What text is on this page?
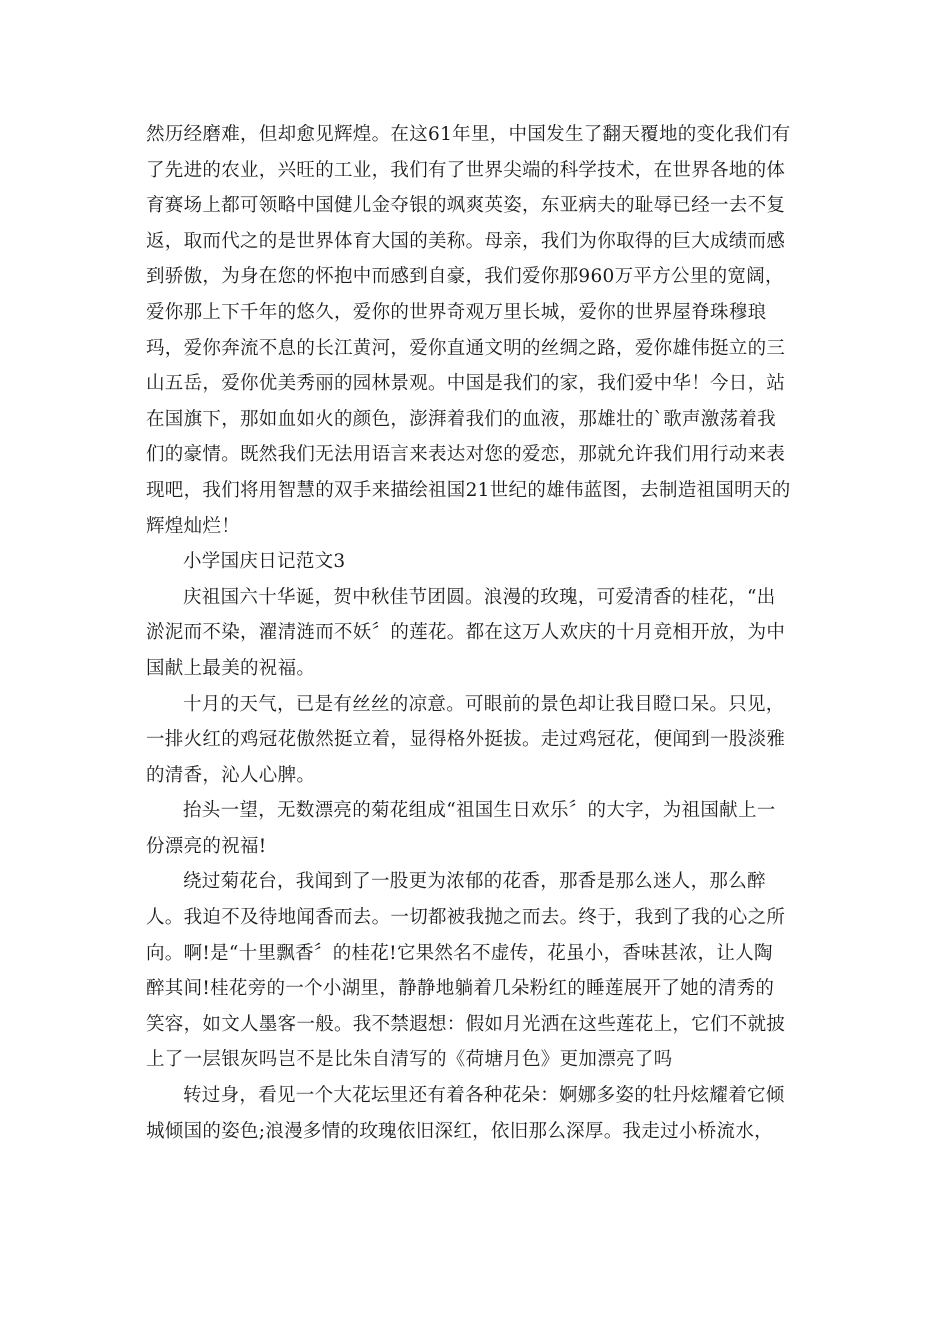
然历经磨难，但却愈见辉煌。在这61年里，中国发生了翻天覆地的变化我们有
了先进的农业，兴旺的工业，我们有了世界尖端的科学技术，在世界各地的体
育赛场上都可领略中国健儿金夺银的飒爽英姿，东亚病夫的耻辱已经一去不复
返，取而代之的是世界体育大国的美称。母亲，我们为你取得的巨大成绩而感
到骄傲，为身在您的怀抱中而感到自豪，我们爱你那960万平方公里的宽阔，
爱你那上下千年的悠久，爱你的世界奇观万里长城，爱你的世界屋脊珠穆琅
玛，爱你奔流不息的长江黄河，爱你直通文明的丝绸之路，爱你雄伟挺立的三
山五岳，爱你优美秀丽的园林景观。中国是我们的家，我们爱中华！今日，站
在国旗下，那如血如火的颜色，澎湃着我们的血液，那雄壮的`歌声激荡着我
们的豪情。既然我们无法用语言来表达对您的爱恋，那就允许我们用行动来表
现吧，我们将用智慧的双手来描绘祖国21世纪的雄伟蓝图，去制造祖国明天的
辉煌灿烂！

小学国庆日记范文3

庆祖国六十华诞，贺中秋佳节团圆。浪漫的玫瑰，可爱清香的桂花，“出
淤泥而不染，濯清涟而不妖〞的莲花。都在这万人欢庆的十月竞相开放，为中
国献上最美的祝福。

十月的天气，已是有丝丝的凉意。可眼前的景色却让我目瞪口呆。只见，
一排火红的鸡冠花傲然挺立着，显得格外挺拔。走过鸡冠花，便闻到一股淡雅
的清香，沁人心脾。

抬头一望，无数漂亮的菊花组成“祖国生日欢乐〞的大字，为祖国献上一
份漂亮的祝福!

绕过菊花台，我闻到了一股更为浓郁的花香，那香是那么迷人，那么醉
人。我迫不及待地闻香而去。一切都被我抛之而去。终于，我到了我的心之所
向。啊!是“十里飘香〞的桂花!它果然名不虚传，花虽小，香味甚浓，让人陶
醉其间!桂花旁的一个小湖里，静静地躺着几朵粉红的睡莲展开了她的清秀的
笑容，如文人墨客一般。我不禁遐想：假如月光洒在这些莲花上，它们不就披
上了一层银灰吗岂不是比朱自清写的《荷塘月色》更加漂亮了吗

转过身，看见一个大花坛里还有着各种花朵：婀娜多姿的牡丹炫耀着它倾
城倾国的姿色;浪漫多情的玫瑰依旧深红，依旧那么深厚。我走过小桥流水，
